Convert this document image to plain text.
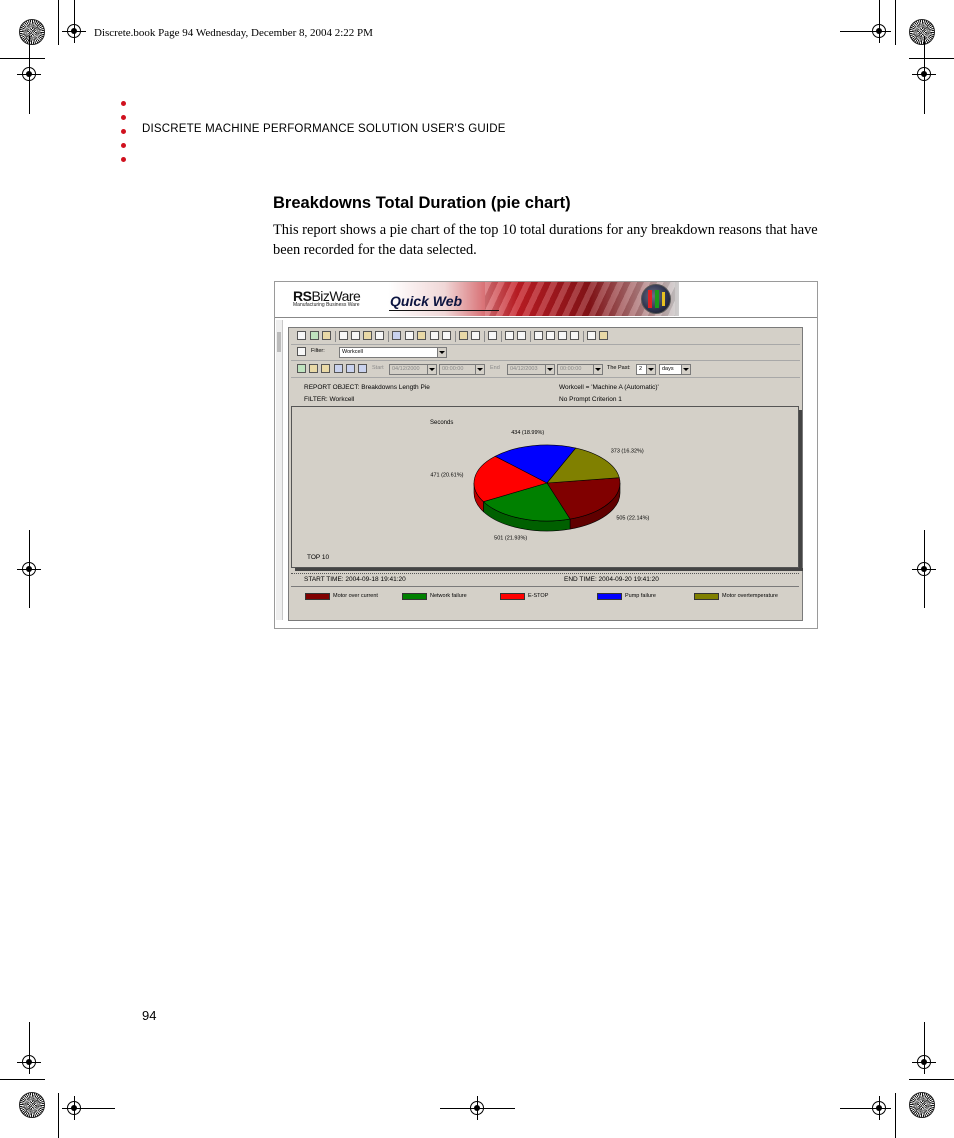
Discrete.book Page 94 Wednesday, December 8, 2004 2:22 PM
DISCRETE MACHINE PERFORMANCE SOLUTION USER'S GUIDE
Breakdowns Total Duration (pie chart)
This report shows a pie chart of the top 10 total durations for any breakdown reasons that have been recorded for the data selected.
RSBizWare
Manufacturing Business Ware Quick Web
Filter:	Workcell
Start	04/12/2000	00:00:00	End	04/12/2003	00:00:00	The Past:	2	days
REPORT OBJECT: Breakdowns Length Pie	Workcell = 'Machine A (Automatic)'
FILTER: Workcell	No Prompt Criterion 1
Seconds
505 (22.14%)
501 (21.93%)
471 (20.61%)
434 (18.99%)
373 (16.32%)
TOP 10
START TIME: 2004-09-18 19:41:20	END TIME: 2004-09-20 19:41:20
Motor over current	Network failure	E-STOP	Pump failure	Motor overtemperature
94
